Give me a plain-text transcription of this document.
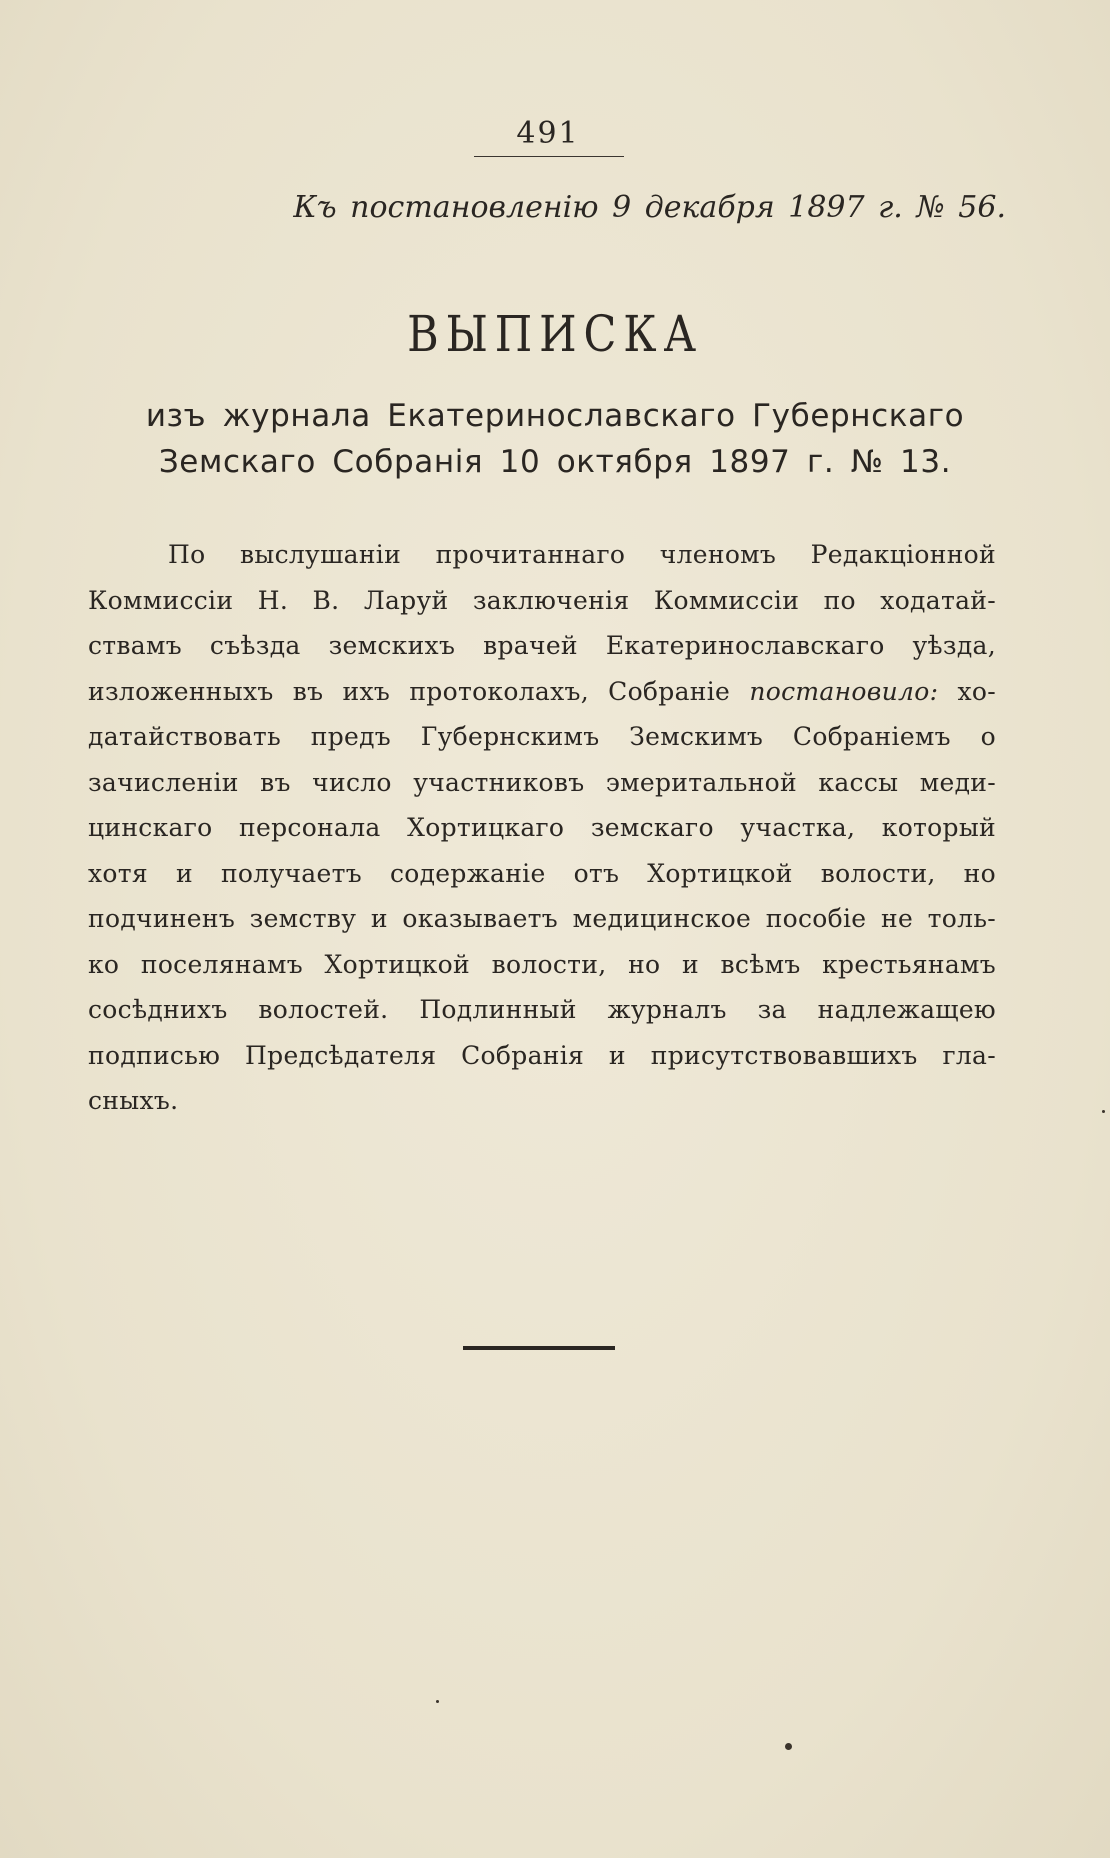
491
Къ постановленію 9 декабря 1897 г. № 56.
ВЫПИСКА
изъ журнала Екатеринославскаго Губернскаго
Земскаго Собранія 10 октября 1897 г. № 13.
По выслушаніи прочитаннаго членомъ Редакціонной
Коммиссіи Н. В. Ларуй заключенія Коммиссіи по ходатай-
ствамъ съѣзда земскихъ врачей Екатеринославскаго уѣзда,
изложенныхъ въ ихъ протоколахъ, Собраніе постановило: хо-
датайствовать предъ Губернскимъ Земскимъ Собраніемъ о
зачисленіи въ число участниковъ эмеритальной кассы меди-
цинскаго персонала Хортицкаго земскаго участка, который
хотя и получаетъ содержаніе отъ Хортицкой волости, но
подчиненъ земству и оказываетъ медицинское пособіе не толь-
ко поселянамъ Хортицкой волости, но и всѣмъ крестьянамъ
сосѣднихъ волостей. Подлинный журналъ за надлежащею
подписью Предсѣдателя Собранія и присутствовавшихъ гла-
сныхъ.
